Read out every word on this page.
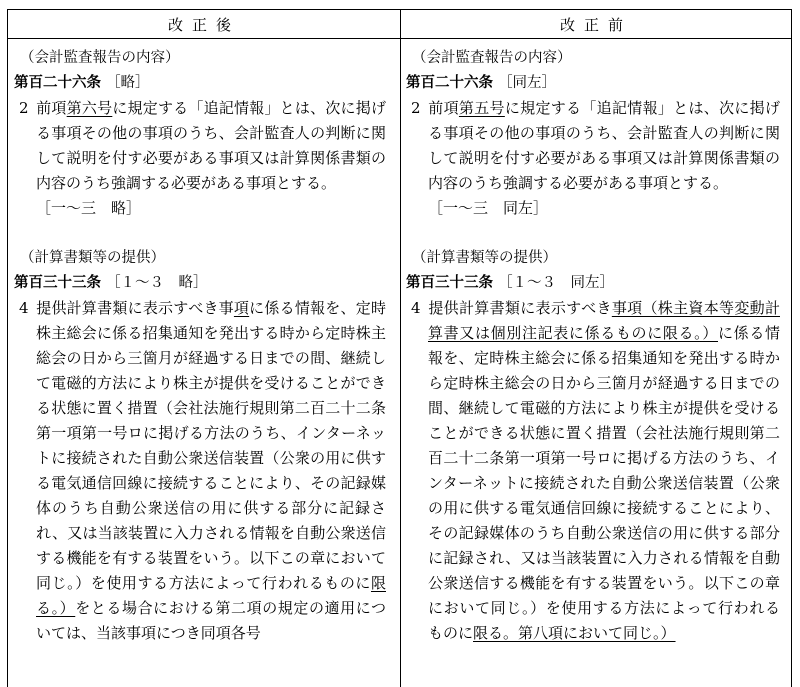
改正後	改正前
（会計監査報告の内容）
第百二十六条 ［略］
2 前項第六号に規定する「追記情報」とは、次に掲げる事項その他の事項のうち、会計監査人の判断に関して説明を付す必要がある事項又は計算関係書類の内容のうち強調する必要がある事項とする。
［一～三　略］
（計算書類等の提供）
第百三十三条 ［１～３　略］
4 提供計算書類に表示すべき事項に係る情報を、定時株主総会に係る招集通知を発出する時から定時株主総会の日から三箇月が経過する日までの間、継続して電磁的方法により株主が提供を受けることができる状態に置く措置（会社法施行規則第二百二十二条第一項第一号ロに掲げる方法のうち、インターネットに接続された自動公衆送信装置（公衆の用に供する電気通信回線に接続することにより、その記録媒体のうち自動公衆送信の用に供する部分に記録され、又は当該装置に入力される情報を自動公衆送信する機能を有する装置をいう。以下この章において同じ。）を使用する方法によって行われるものに限る。）をとる場合における第二項の規定の適用については、当該事項につき同項各号
（会計監査報告の内容）
第百二十六条 ［同左］
2 前項第五号に規定する「追記情報」とは、次に掲げる事項その他の事項のうち、会計監査人の判断に関して説明を付す必要がある事項又は計算関係書類の内容のうち強調する必要がある事項とする。
［一～三　同左］
（計算書類等の提供）
第百三十三条 ［１～３　同左］
4 提供計算書類に表示すべき事項（株主資本等変動計算書又は個別注記表に係るものに限る。）に係る情報を、定時株主総会に係る招集通知を発出する時から定時株主総会の日から三箇月が経過する日までの間、継続して電磁的方法により株主が提供を受けることができる状態に置く措置（会社法施行規則第二百二十二条第一項第一号ロに掲げる方法のうち、インターネットに接続された自動公衆送信装置（公衆の用に供する電気通信回線に接続することにより、その記録媒体のうち自動公衆送信の用に供する部分に記録され、又は当該装置に入力される情報を自動公衆送信する機能を有する装置をいう。以下この章において同じ。）を使用する方法によって行われるものに限る。第八項において同じ。）
